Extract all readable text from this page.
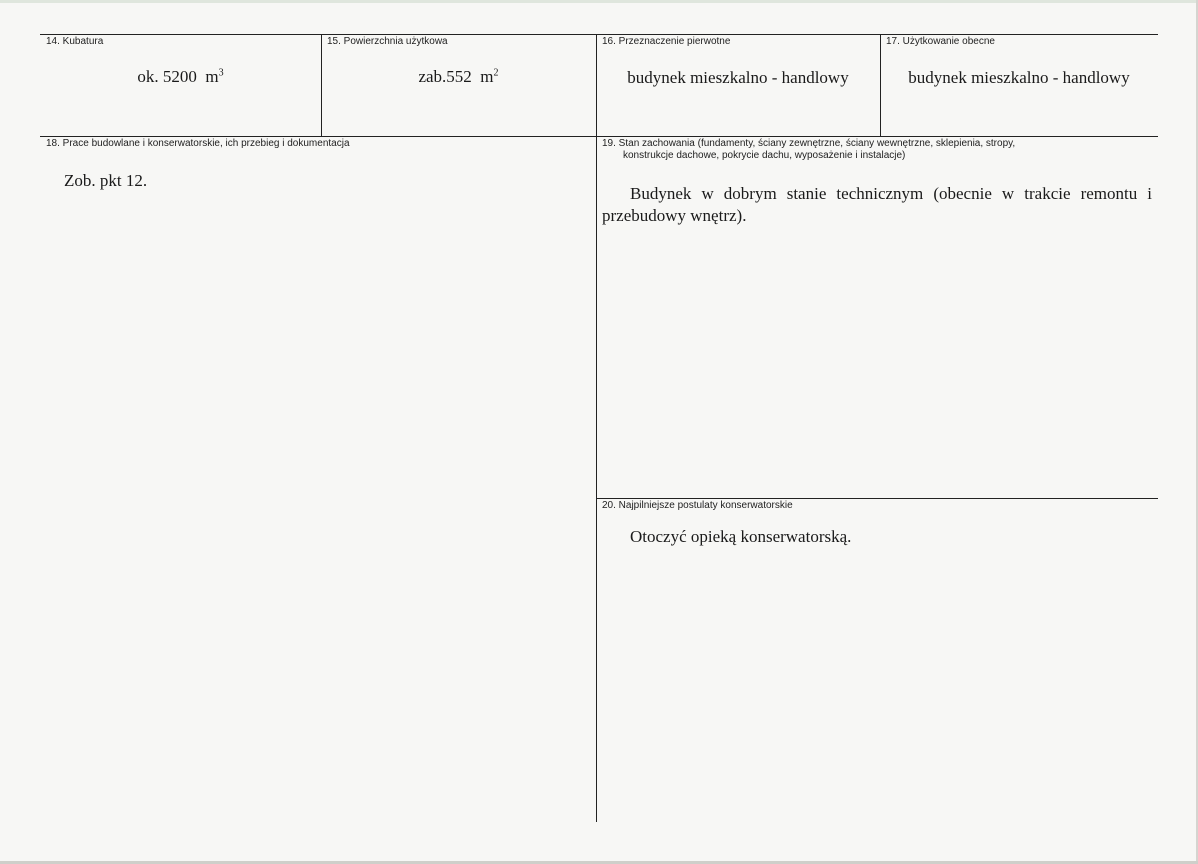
14. Kubatura
ok. 5200 $m^3$
15. Powierzchnia użytkowa
zab.552 $m^2$
16. Przeznaczenie pierwotne
budynek mieszkalno - handlowy
17. Użytkowanie obecne
budynek mieszkalno - handlowy
18. Prace budowlane i konserwatorskie, ich przebieg i dokumentacja
Zob. pkt 12.
19. Stan zachowania (fundamenty, ściany zewnętrzne, ściany wewnętrzne, sklepienia, stropy,
konstrukcje dachowe, pokrycie dachu, wyposażenie i instalacje)
Budynek w dobrym stanie technicznym (obecnie w trakcie remontu i przebudowy wnętrz).
20. Najpilniejsze postulaty konserwatorskie
Otoczyć opieką konserwatorską.
